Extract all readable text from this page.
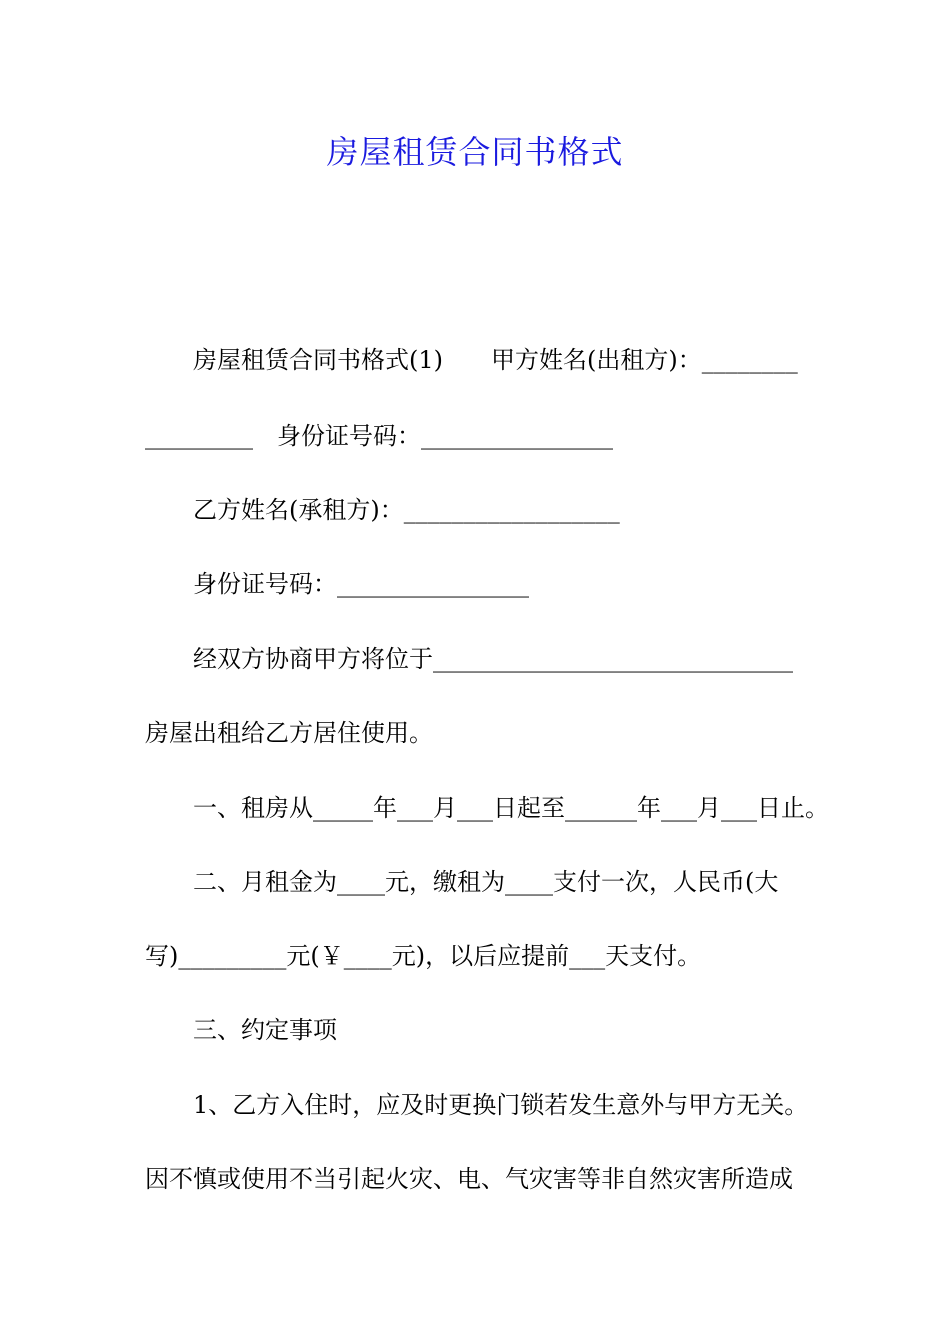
房屋租赁合同书格式
房屋租赁合同书格式(1)　　甲方姓名(出租方)：________
_________　身份证号码：________________
乙方姓名(承租方)：__________________
身份证号码：________________
经双方协商甲方将位于______________________________
房屋出租给乙方居住使用。
一、租房从_____年___月___日起至______年___月___日止。
二、月租金为____元，缴租为____支付一次，人民币(大
写)_________元(￥____元)，以后应提前___天支付。
三、约定事项
1、乙方入住时，应及时更换门锁若发生意外与甲方无关。
因不慎或使用不当引起火灾、电、气灾害等非自然灾害所造成
